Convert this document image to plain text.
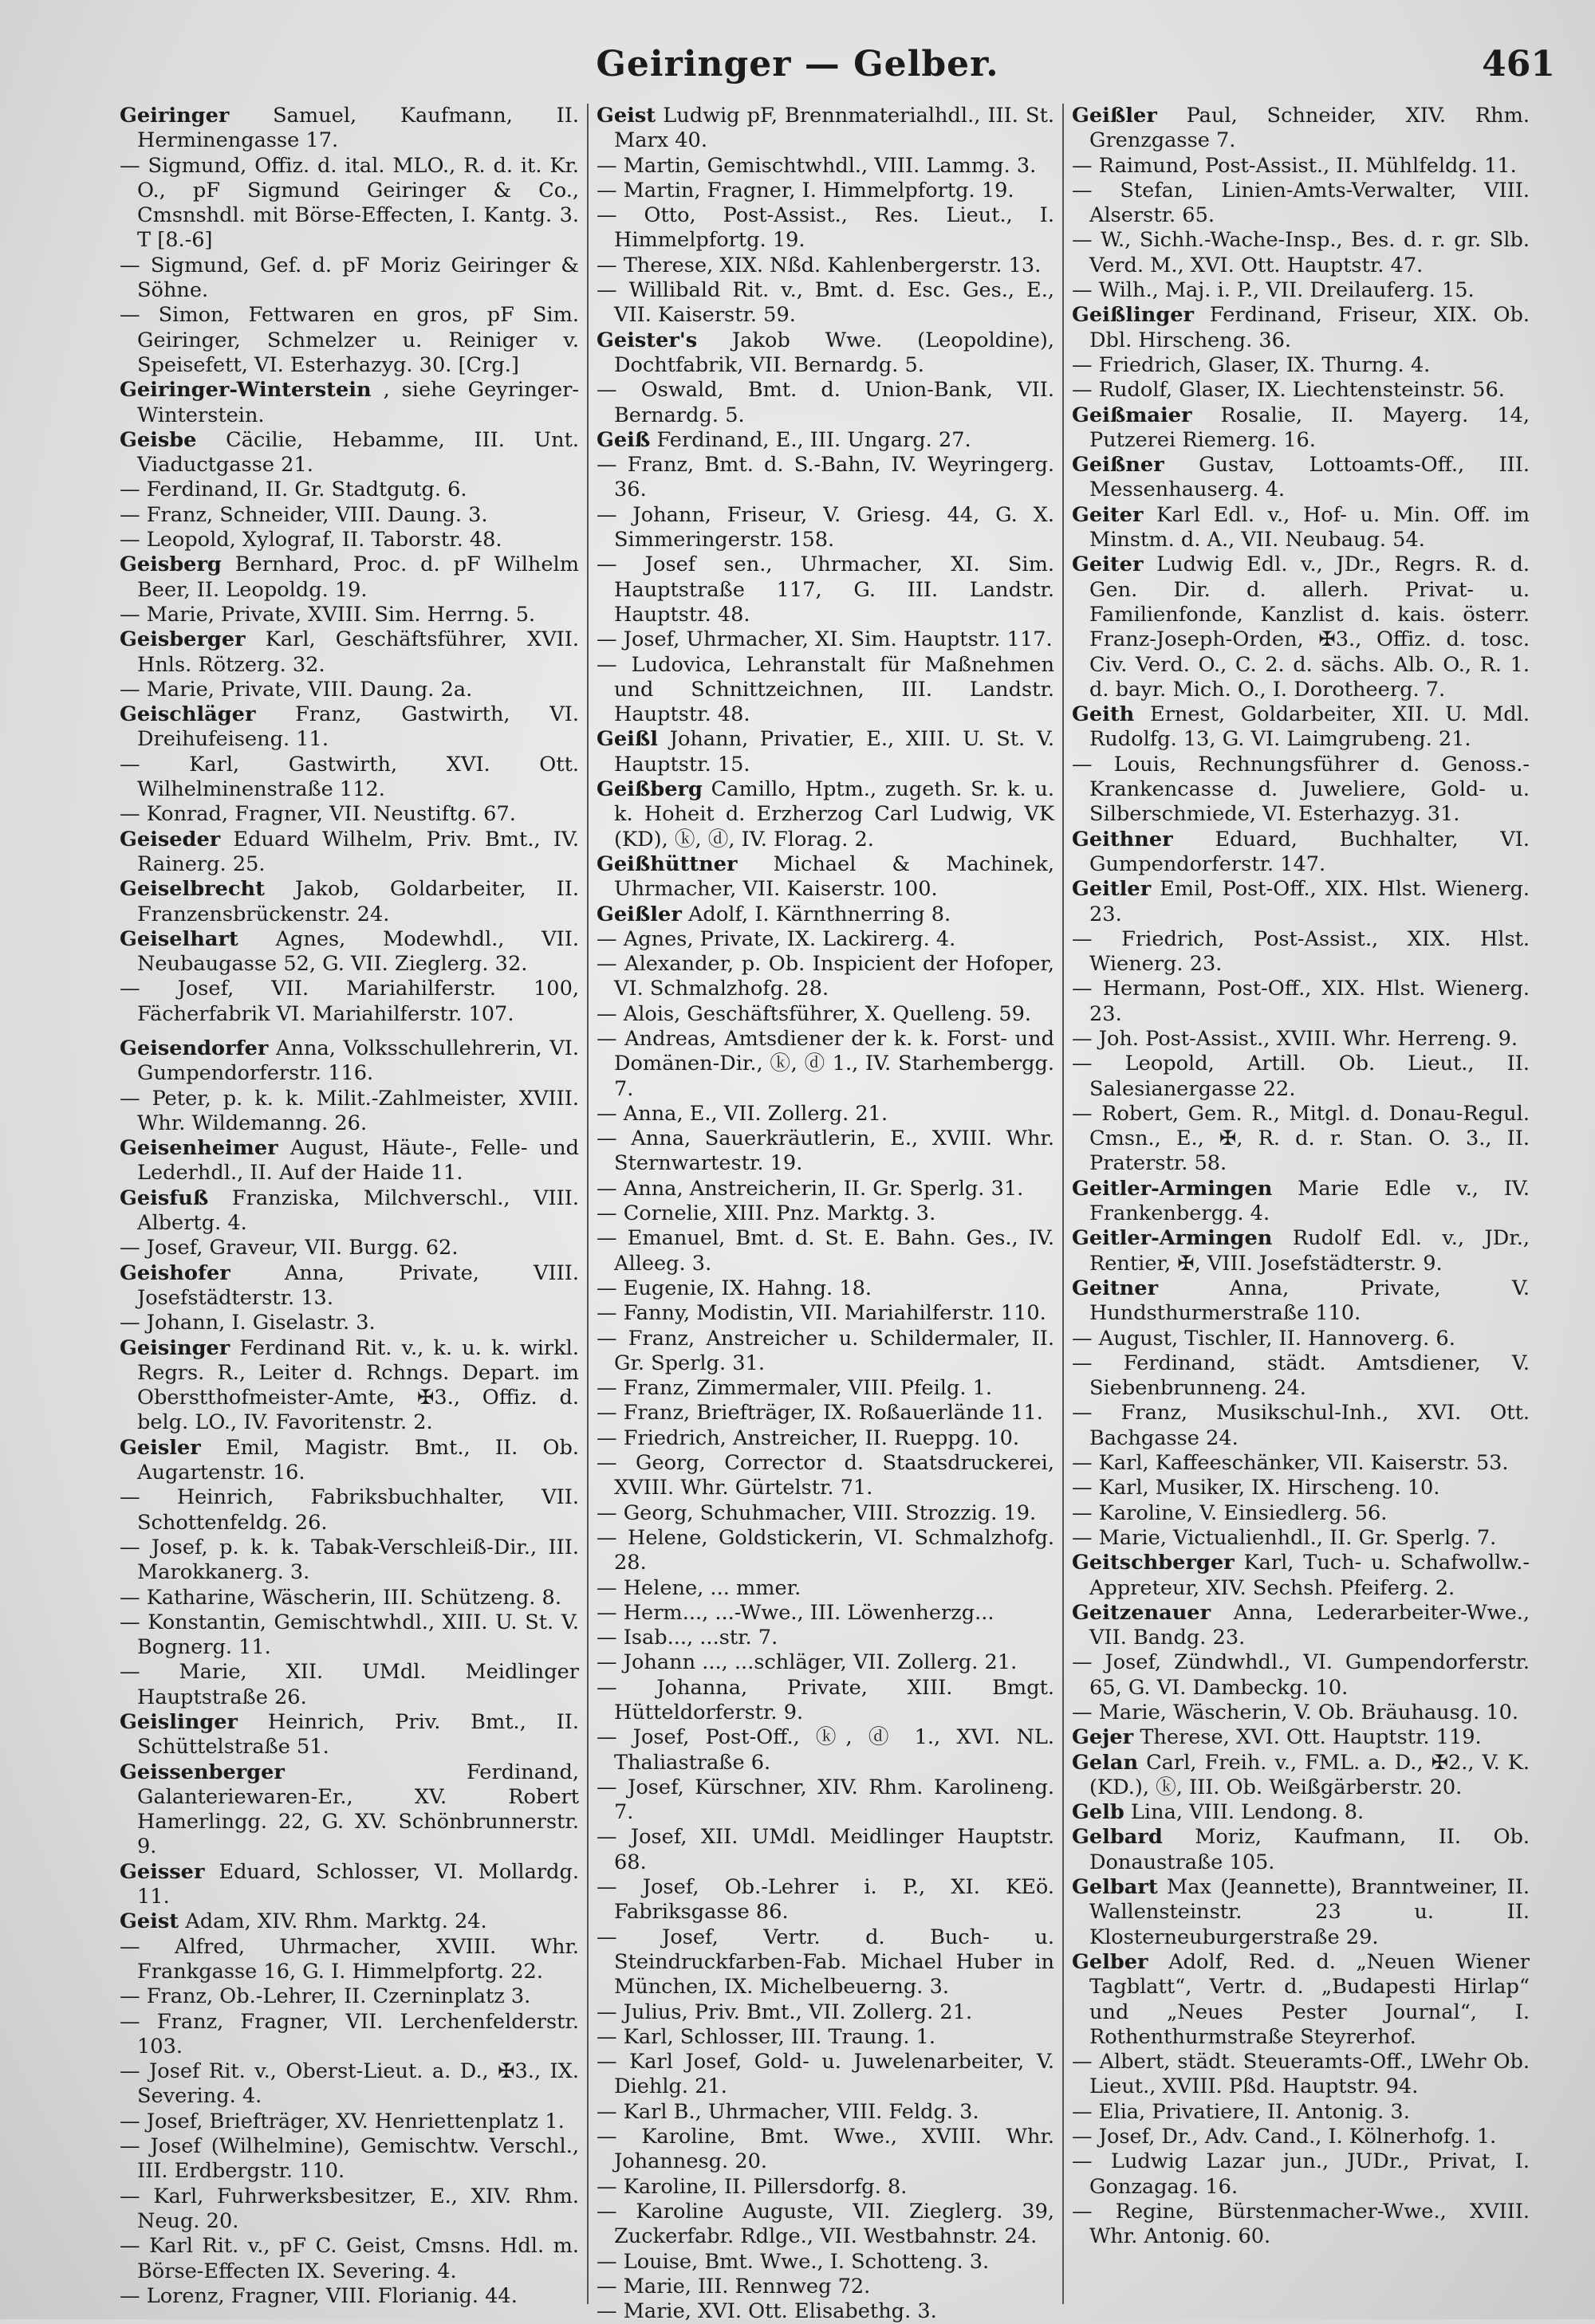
Geiringer — Gelber.	461
Geiringer Samuel, Kaufmann, II. Herminengasse 17.
— Sigmund, Offiz. d. ital. MLO., R. d. it. Kr. O., pF Sigmund Geiringer & Co., Cmsnshdl. mit Börse-Effecten, I. Kantg. 3. T [8.-6]
— Sigmund, Gef. d. pF Moriz Geiringer & Söhne.
— Simon, Fettwaren en gros, pF Sim. Geiringer, Schmelzer u. Reiniger v. Speisefett, VI. Esterhazyg. 30. [Crg.]
Geiringer-Winterstein , siehe Geyringer-Winterstein.
Geisbe Cäcilie, Hebamme, III. Unt. Viaductgasse 21.
— Ferdinand, II. Gr. Stadtgutg. 6.
— Franz, Schneider, VIII. Daung. 3.
— Leopold, Xylograf, II. Taborstr. 48.
Geisberg Bernhard, Proc. d. pF Wilhelm Beer, II. Leopoldg. 19.
— Marie, Private, XVIII. Sim. Herrng. 5.
Geisberger Karl, Geschäftsführer, XVII. Hnls. Rötzerg. 32.
— Marie, Private, VIII. Daung. 2a.
Geischläger Franz, Gastwirth, VI. Dreihufeiseng. 11.
— Karl, Gastwirth, XVI. Ott. Wilhelminenstraße 112.
— Konrad, Fragner, VII. Neustiftg. 67.
Geiseder Eduard Wilhelm, Priv. Bmt., IV. Rainerg. 25.
Geiselbrecht Jakob, Goldarbeiter, II. Franzensbrückenstr. 24.
Geiselhart Agnes, Modewhdl., VII. Neubaugasse 52, G. VII. Zieglerg. 32.
— Josef, VII. Mariahilferstr. 100, Fächerfabrik VI. Mariahilferstr. 107.
Geisendorfer Anna, Volksschullehrerin, VI. Gumpendorferstr. 116.
— Peter, p. k. k. Milit.-Zahlmeister, XVIII. Whr. Wildemanng. 26.
Geisenheimer August, Häute-, Felle- und Lederhdl., II. Auf der Haide 11.
Geisfuß Franziska, Milchverschl., VIII. Albertg. 4.
— Josef, Graveur, VII. Burgg. 62.
Geishofer	Anna, Private, VIII. Josefstädterstr. 13.
— Johann, I. Giselastr. 3.
Geisinger Ferdinand Rit. v., k. u. k. wirkl. Regrs. R., Leiter d. Rchngs. Depart. im Oberstthofmeister-Amte, ✠3., Offiz. d. belg. LO., IV. Favoritenstr. 2.
Geisler Emil, Magistr. Bmt., II. Ob. Augartenstr. 16.
— Heinrich, Fabriksbuchhalter, VII. Schottenfeldg. 26.
— Josef, p. k. k. Tabak-Verschleiß-Dir., III. Marokkanerg. 3.
— Katharine, Wäscherin, III. Schützeng. 8.
— Konstantin, Gemischtwhdl., XIII. U. St. V. Bognerg. 11.
— Marie, XII. UMdl. Meidlinger Hauptstraße 26.
Geislinger Heinrich, Priv. Bmt., II. Schüttelstraße 51.
Geissenberger	Ferdinand, Galanteriewaren-Er., XV. Robert Hamerlingg. 22, G. XV. Schönbrunnerstr. 9.
Geisser Eduard, Schlosser, VI. Mollardg. 11.
Geist Adam, XIV. Rhm. Marktg. 24.
— Alfred, Uhrmacher, XVIII. Whr. Frankgasse 16, G. I. Himmelpfortg. 22.
— Franz, Ob.-Lehrer, II. Czerninplatz 3.
— Franz, Fragner, VII. Lerchenfelderstr. 103.
— Josef Rit. v., Oberst-Lieut. a. D., ✠3., IX. Severing. 4.
— Josef, Briefträger, XV. Henriettenplatz 1.
— Josef (Wilhelmine), Gemischtw. Verschl., III. Erdbergstr. 110.
— Karl, Fuhrwerksbesitzer, E., XIV. Rhm. Neug. 20.
— Karl Rit. v., pF C. Geist, Cmsns. Hdl. m. Börse-Effecten IX. Severing. 4.
— Lorenz, Fragner, VIII. Florianig. 44.
Geist Ludwig pF, Brennmaterialhdl., III. St. Marx 40.
— Martin, Gemischtwhdl., VIII. Lammg. 3.
— Martin, Fragner, I. Himmelpfortg. 19.
— Otto, Post-Assist., Res. Lieut., I. Himmelpfortg. 19.
— Therese, XIX. Nßd. Kahlenbergerstr. 13.
— Willibald Rit. v., Bmt. d. Esc. Ges., E., VII. Kaiserstr. 59.
Geister's Jakob Wwe. (Leopoldine), Dochtfabrik, VII. Bernardg. 5.
— Oswald, Bmt. d. Union-Bank, VII. Bernardg. 5.
Geiß Ferdinand, E., III. Ungarg. 27.
— Franz, Bmt. d. S.-Bahn, IV. Weyringerg. 36.
— Johann, Friseur, V. Griesg. 44, G. X. Simmeringerstr. 158.
— Josef sen., Uhrmacher, XI. Sim. Hauptstraße 117, G. III. Landstr. Hauptstr. 48.
— Josef, Uhrmacher, XI. Sim. Hauptstr. 117.
— Ludovica, Lehranstalt für Maßnehmen und Schnittzeichnen, III. Landstr. Hauptstr. 48.
Geißl Johann, Privatier, E., XIII. U. St. V. Hauptstr. 15.
Geißberg Camillo, Hptm., zugeth. Sr. k. u. k. Hoheit d. Erzherzog Carl Ludwig, VK (KD), ⓚ, ⓓ, IV. Florag. 2.
Geißhüttner Michael & Machinek, Uhrmacher, VII. Kaiserstr. 100.
Geißler Adolf, I. Kärnthnerring 8.
— Agnes, Private, IX. Lackirerg. 4.
— Alexander, p. Ob. Inspicient der Hofoper, VI. Schmalzhofg. 28.
— Alois, Geschäftsführer, X. Quelleng. 59.
— Andreas, Amtsdiener der k. k. Forst- und Domänen-Dir., ⓚ, ⓓ 1., IV. Starhembergg. 7.
— Anna, E., VII. Zollerg. 21.
— Anna, Sauerkräutlerin, E., XVIII. Whr. Sternwartestr. 19.
— Anna, Anstreicherin, II. Gr. Sperlg. 31.
— Cornelie, XIII. Pnz. Marktg. 3.
— Emanuel, Bmt. d. St. E. Bahn. Ges., IV. Alleeg. 3.
— Eugenie, IX. Hahng. 18.
— Fanny, Modistin, VII. Mariahilferstr. 110.
— Franz, Anstreicher u. Schildermaler, II. Gr. Sperlg. 31.
— Franz, Zimmermaler, VIII. Pfeilg. 1.
— Franz, Briefträger, IX. Roßauerlände 11.
— Friedrich, Anstreicher, II. Rueppg. 10.
— Georg, Corrector d. Staatsdruckerei, XVIII. Whr. Gürtelstr. 71.
— Georg, Schuhmacher, VIII. Strozzig. 19.
— Helene, Goldstickerin, VI. Schmalzhofg. 28.
— Helene, ... mmer.
— Herm..., ...-Wwe., III. Löwenherzg...
— Isab..., ...str. 7.
— Johann ..., ...schläger, VII. Zollerg. 21.
— Johanna, Private, XIII. Bmgt. Hütteldorferstr. 9.
— Josef, Post-Off., ⓚ, ⓓ 1., XVI. NL. Thaliastraße 6.
— Josef, Kürschner, XIV. Rhm. Karolineng. 7.
— Josef, XII. UMdl. Meidlinger Hauptstr. 68.
— Josef, Ob.-Lehrer i. P., XI. KEö. Fabriksgasse 86.
— Josef, Vertr. d. Buch- u. Steindruckfarben-Fab. Michael Huber in München, IX. Michelbeuerng. 3.
— Julius, Priv. Bmt., VII. Zollerg. 21.
— Karl, Schlosser, III. Traung. 1.
— Karl Josef, Gold- u. Juwelenarbeiter, V. Diehlg. 21.
— Karl B., Uhrmacher, VIII. Feldg. 3.
— Karoline, Bmt. Wwe., XVIII. Whr. Johannesg. 20.
— Karoline, II. Pillersdorfg. 8.
— Karoline Auguste, VII. Zieglerg. 39, Zuckerfabr. Rdlge., VII. Westbahnstr. 24.
— Louise, Bmt. Wwe., I. Schotteng. 3.
— Marie, III. Rennweg 72.
— Marie, XVI. Ott. Elisabethg. 3.
Geißler Paul, Schneider, XIV. Rhm. Grenzgasse 7.
— Raimund, Post-Assist., II. Mühlfeldg. 11.
— Stefan, Linien-Amts-Verwalter, VIII. Alserstr. 65.
— W., Sichh.-Wache-Insp., Bes. d. r. gr. Slb. Verd. M., XVI. Ott. Hauptstr. 47.
— Wilh., Maj. i. P., VII. Dreilauferg. 15.
Geißlinger Ferdinand, Friseur, XIX. Ob. Dbl. Hirscheng. 36.
— Friedrich, Glaser, IX. Thurng. 4.
— Rudolf, Glaser, IX. Liechtensteinstr. 56.
Geißmaier Rosalie, II. Mayerg. 14, Putzerei Riemerg. 16.
Geißner Gustav, Lottoamts-Off., III. Messenhauserg. 4.
Geiter Karl Edl. v., Hof- u. Min. Off. im Minstm. d. A., VII. Neubaug. 54.
Geiter Ludwig Edl. v., JDr., Regrs. R. d. Gen. Dir. d. allerh. Privat- u. Familienfonde, Kanzlist d. kais. österr. Franz-Joseph-Orden, ✠3., Offiz. d. tosc. Civ. Verd. O., C. 2. d. sächs. Alb. O., R. 1. d. bayr. Mich. O., I. Dorotheerg. 7.
Geith Ernest, Goldarbeiter, XII. U. Mdl. Rudolfg. 13, G. VI. Laimgrubeng. 21.
— Louis, Rechnungsführer d. Genoss.-Krankencasse d. Juweliere, Gold- u. Silberschmiede, VI. Esterhazyg. 31.
Geithner Eduard, Buchhalter, VI. Gumpendorferstr. 147.
Geitler Emil, Post-Off., XIX. Hlst. Wienerg. 23.
— Friedrich, Post-Assist., XIX. Hlst. Wienerg. 23.
— Hermann, Post-Off., XIX. Hlst. Wienerg. 23.
— Joh. Post-Assist., XVIII. Whr. Herreng. 9.
— Leopold, Artill. Ob. Lieut., II. Salesianergasse 22.
— Robert, Gem. R., Mitgl. d. Donau-Regul. Cmsn., E., ✠, R. d. r. Stan. O. 3., II. Praterstr. 58.
Geitler-Armingen Marie Edle v., IV. Frankenbergg. 4.
Geitler-Armingen Rudolf Edl. v., JDr., Rentier, ✠, VIII. Josefstädterstr. 9.
Geitner	Anna, Private, V. Hundsthurmerstraße 110.
— August, Tischler, II. Hannoverg. 6.
— Ferdinand, städt. Amtsdiener, V. Siebenbrunneng. 24.
— Franz, Musikschul-Inh., XVI. Ott. Bachgasse 24.
— Karl, Kaffeeschänker, VII. Kaiserstr. 53.
— Karl, Musiker, IX. Hirscheng. 10.
— Karoline, V. Einsiedlerg. 56.
— Marie, Victualienhdl., II. Gr. Sperlg. 7.
Geitschberger Karl, Tuch- u. Schafwollw.-Appreteur, XIV. Sechsh. Pfeiferg. 2.
Geitzenauer Anna, Lederarbeiter-Wwe., VII. Bandg. 23.
— Josef, Zündwhdl., VI. Gumpendorferstr. 65, G. VI. Dambeckg. 10.
— Marie, Wäscherin, V. Ob. Bräuhausg. 10.
Gejer Therese, XVI. Ott. Hauptstr. 119.
Gelan Carl, Freih. v., FML. a. D., ✠2., V. K. (KD.), ⓚ, III. Ob. Weißgärberstr. 20.
Gelb Lina, VIII. Lendong. 8.
Gelbard Moriz, Kaufmann, II. Ob. Donaustraße 105.
Gelbart Max (Jeannette), Branntweiner, II. Wallensteinstr. 23 u. II. Klosterneuburgerstraße 29.
Gelber Adolf, Red. d. „Neuen Wiener Tagblatt“, Vertr. d. „Budapesti Hirlap“ und „Neues Pester Journal“, I. Rothenthurmstraße Steyrerhof.
— Albert, städt. Steueramts-Off., LWehr Ob. Lieut., XVIII. Pßd. Hauptstr. 94.
— Elia, Privatiere, II. Antonig. 3.
— Josef, Dr., Adv. Cand., I. Kölnerhofg. 1.
— Ludwig Lazar jun., JUDr., Privat, I. Gonzagag. 16.
— Regine, Bürstenmacher-Wwe., XVIII. Whr. Antonig. 60.
